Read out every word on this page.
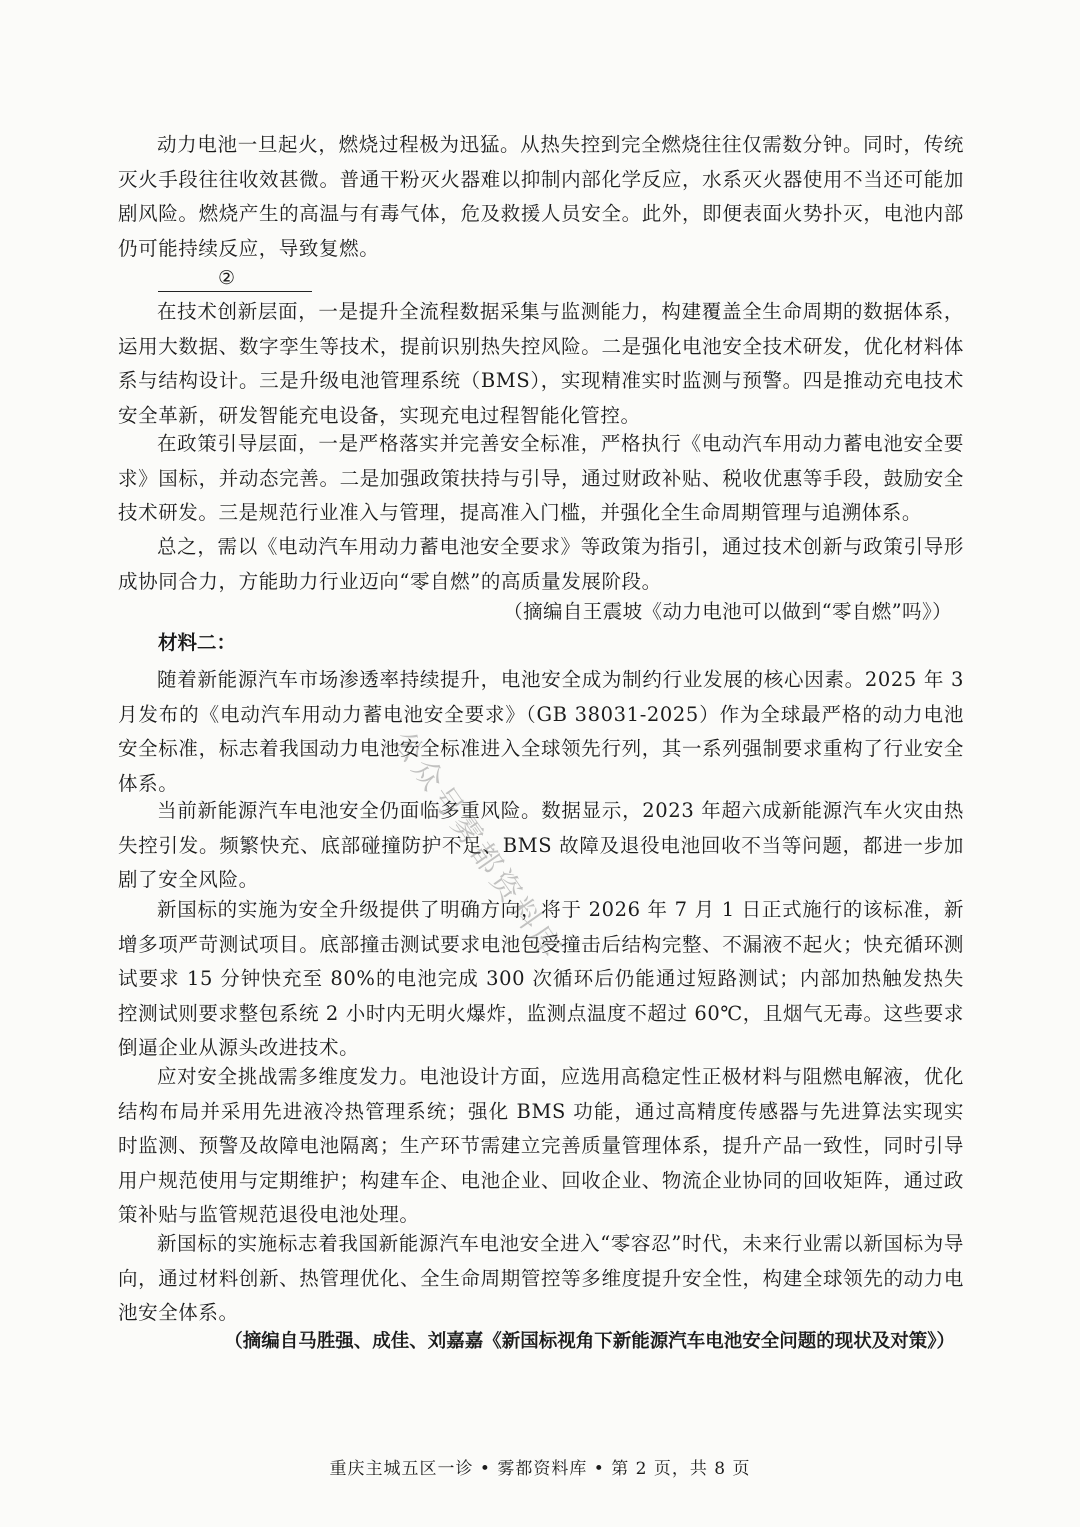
动力电池一旦起火，燃烧过程极为迅猛。从热失控到完全燃烧往往仅需数分钟。同时，传统灭火手段往往收效甚微。普通干粉灭火器难以抑制内部化学反应，水系灭火器使用不当还可能加剧风险。燃烧产生的高温与有毒气体，危及救援人员安全。此外，即便表面火势扑灭，电池内部仍可能持续反应，导致复燃。

②

在技术创新层面，一是提升全流程数据采集与监测能力，构建覆盖全生命周期的数据体系，运用大数据、数字孪生等技术，提前识别热失控风险。二是强化电池安全技术研发，优化材料体系与结构设计。三是升级电池管理系统（BMS），实现精准实时监测与预警。四是推动充电技术安全革新，研发智能充电设备，实现充电过程智能化管控。

在政策引导层面，一是严格落实并完善安全标准，严格执行《电动汽车用动力蓄电池安全要求》国标，并动态完善。二是加强政策扶持与引导，通过财政补贴、税收优惠等手段，鼓励安全技术研发。三是规范行业准入与管理，提高准入门槛，并强化全生命周期管理与追溯体系。

总之，需以《电动汽车用动力蓄电池安全要求》等政策为指引，通过技术创新与政策引导形成协同合力，方能助力行业迈向“零自燃”的高质量发展阶段。

（摘编自王震坡《动力电池可以做到“零自燃”吗》）

材料二：

随着新能源汽车市场渗透率持续提升，电池安全成为制约行业发展的核心因素。2025 年 3 月发布的《电动汽车用动力蓄电池安全要求》（GB 38031-2025）作为全球最严格的动力电池安全标准，标志着我国动力电池安全标准进入全球领先行列，其一系列强制要求重构了行业安全体系。

当前新能源汽车电池安全仍面临多重风险。数据显示，2023 年超六成新能源汽车火灾由热失控引发。频繁快充、底部碰撞防护不足、BMS 故障及退役电池回收不当等问题，都进一步加剧了安全风险。

新国标的实施为安全升级提供了明确方向，将于 2026 年 7 月 1 日正式施行的该标准，新增多项严苛测试项目。底部撞击测试要求电池包受撞击后结构完整、不漏液不起火；快充循环测试要求 15 分钟快充至 80%的电池完成 300 次循环后仍能通过短路测试；内部加热触发热失控测试则要求整包系统 2 小时内无明火爆炸，监测点温度不超过 60℃，且烟气无毒。这些要求倒逼企业从源头改进技术。

应对安全挑战需多维度发力。电池设计方面，应选用高稳定性正极材料与阻燃电解液，优化结构布局并采用先进液冷热管理系统；强化 BMS 功能，通过高精度传感器与先进算法实现实时监测、预警及故障电池隔离；生产环节需建立完善质量管理体系，提升产品一致性，同时引导用户规范使用与定期维护；构建车企、电池企业、回收企业、物流企业协同的回收矩阵，通过政策补贴与监管规范退役电池处理。

新国标的实施标志着我国新能源汽车电池安全进入“零容忍”时代，未来行业需以新国标为导向，通过材料创新、热管理优化、全生命周期管控等多维度提升安全性，构建全球领先的动力电池安全体系。

（摘编自马胜强、成佳、刘嘉嘉《新国标视角下新能源汽车电池安全问题的现状及对策》）

公众号雾都资料库

重庆主城五区一诊 • 雾都资料库 • 第 2 页，共 8 页
